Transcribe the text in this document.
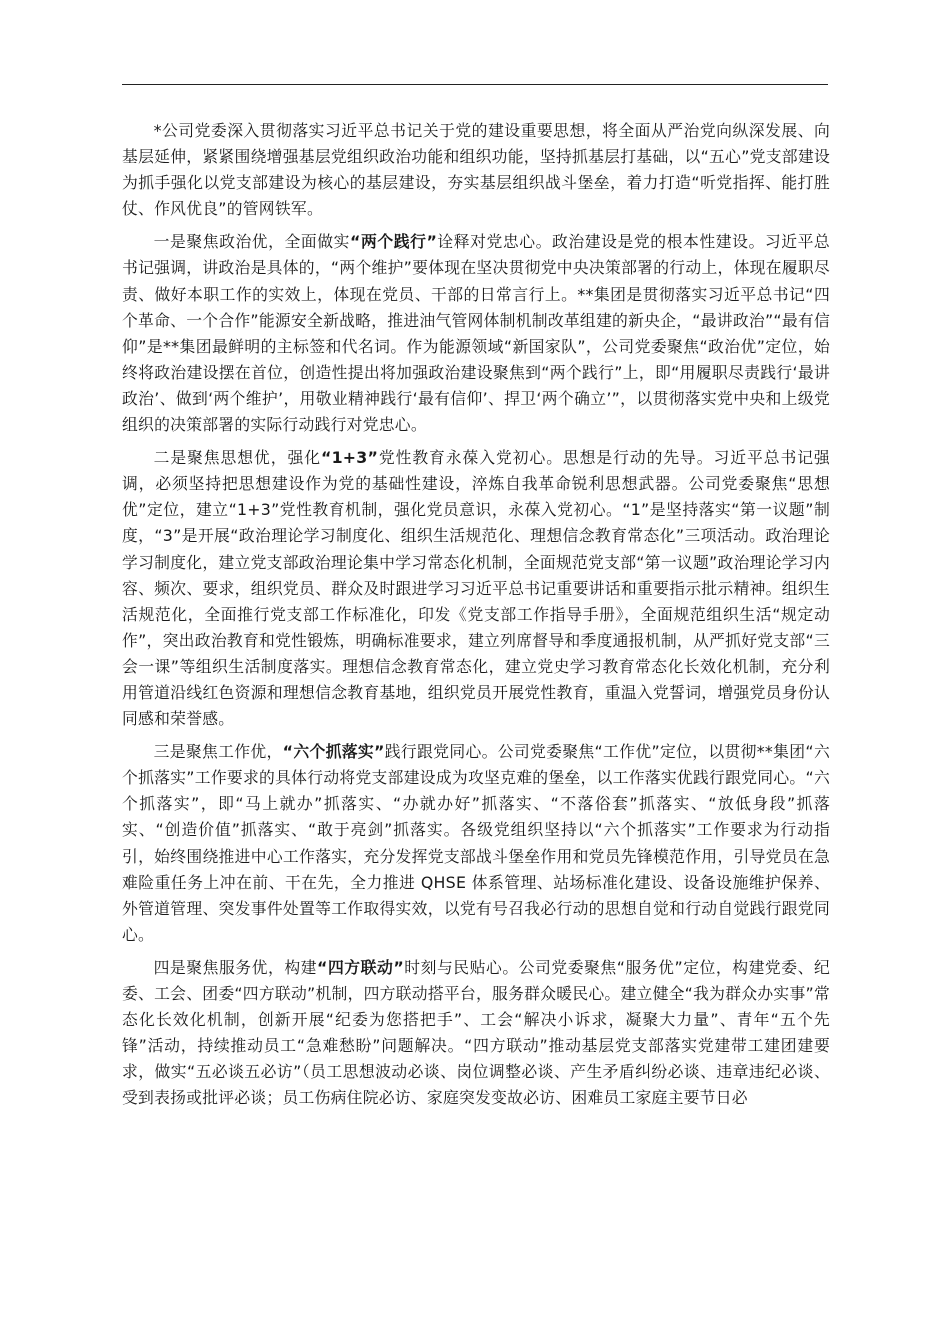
*公司党委深入贯彻落实习近平总书记关于党的建设重要思想，将全面从严治党向纵深发展、向基层延伸，紧紧围绕增强基层党组织政治功能和组织功能，坚持抓基层打基础，以“五心”党支部建设为抓手强化以党支部建设为核心的基层建设，夯实基层组织战斗堡垒，着力打造“听党指挥、能打胜仗、作风优良”的管网铁军。

一是聚焦政治优，全面做实“两个践行”诠释对党忠心。政治建设是党的根本性建设。习近平总书记强调，讲政治是具体的，“两个维护”要体现在坚决贯彻党中央决策部署的行动上，体现在履职尽责、做好本职工作的实效上，体现在党员、干部的日常言行上。**集团是贯彻落实习近平总书记“四个革命、一个合作”能源安全新战略，推进油气管网体制机制改革组建的新央企，“最讲政治”“最有信仰”是**集团最鲜明的主标签和代名词。作为能源领域“新国家队”，公司党委聚焦“政治优”定位，始终将政治建设摆在首位，创造性提出将加强政治建设聚焦到“两个践行”上，即“用履职尽责践行‘最讲政治’、做到‘两个维护’，用敬业精神践行‘最有信仰’、捍卫‘两个确立’”，以贯彻落实党中央和上级党组织的决策部署的实际行动践行对党忠心。

二是聚焦思想优，强化“1+3”党性教育永葆入党初心。思想是行动的先导。习近平总书记强调，必须坚持把思想建设作为党的基础性建设，淬炼自我革命锐利思想武器。公司党委聚焦“思想优”定位，建立“1+3”党性教育机制，强化党员意识，永葆入党初心。“1”是坚持落实“第一议题”制度，“3”是开展“政治理论学习制度化、组织生活规范化、理想信念教育常态化”三项活动。政治理论学习制度化，建立党支部政治理论集中学习常态化机制，全面规范党支部“第一议题”政治理论学习内容、频次、要求，组织党员、群众及时跟进学习习近平总书记重要讲话和重要指示批示精神。组织生活规范化，全面推行党支部工作标准化，印发《党支部工作指导手册》，全面规范组织生活“规定动作”，突出政治教育和党性锻炼，明确标准要求，建立列席督导和季度通报机制，从严抓好党支部“三会一课”等组织生活制度落实。理想信念教育常态化，建立党史学习教育常态化长效化机制，充分利用管道沿线红色资源和理想信念教育基地，组织党员开展党性教育，重温入党誓词，增强党员身份认同感和荣誉感。

三是聚焦工作优，“六个抓落实”践行跟党同心。公司党委聚焦“工作优”定位，以贯彻**集团“六个抓落实”工作要求的具体行动将党支部建设成为攻坚克难的堡垒，以工作落实优践行跟党同心。“六个抓落实”，即“马上就办”抓落实、“办就办好”抓落实、“不落俗套”抓落实、“放低身段”抓落实、“创造价值”抓落实、“敢于亮剑”抓落实。各级党组织坚持以“六个抓落实”工作要求为行动指引，始终围绕推进中心工作落实，充分发挥党支部战斗堡垒作用和党员先锋模范作用，引导党员在急难险重任务上冲在前、干在先，全力推进 QHSE 体系管理、站场标准化建设、设备设施维护保养、外管道管理、突发事件处置等工作取得实效，以党有号召我必行动的思想自觉和行动自觉践行跟党同心。

四是聚焦服务优，构建“四方联动”时刻与民贴心。公司党委聚焦“服务优”定位，构建党委、纪委、工会、团委“四方联动”机制，四方联动搭平台，服务群众暖民心。建立健全“我为群众办实事”常态化长效化机制，创新开展“纪委为您搭把手”、工会“解决小诉求，凝聚大力量”、青年“五个先锋”活动，持续推动员工“急难愁盼”问题解决。“四方联动”推动基层党支部落实党建带工建团建要求，做实“五必谈五必访”（员工思想波动必谈、岗位调整必谈、产生矛盾纠纷必谈、违章违纪必谈、受到表扬或批评必谈；员工伤病住院必访、家庭突发变故必访、困难员工家庭主要节日必
